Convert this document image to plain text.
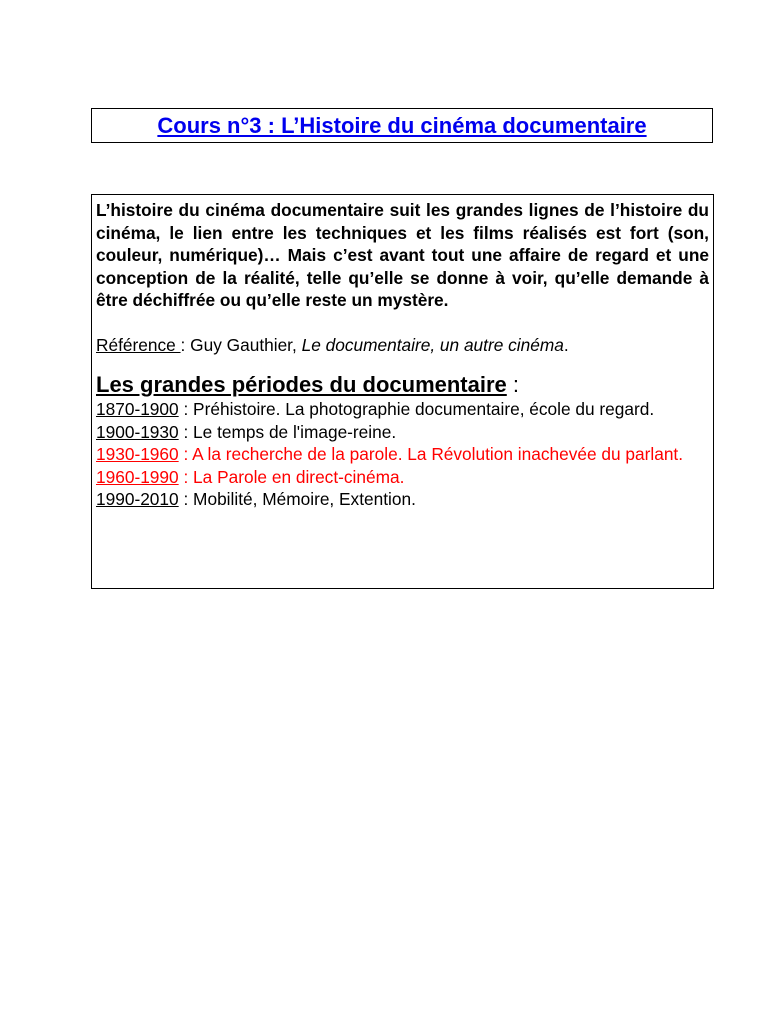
Cours n°3 : L’Histoire du cinéma documentaire

L’histoire du cinéma documentaire suit les grandes lignes de l’histoire du cinéma, le lien entre les techniques et les films réalisés est fort (son, couleur, numérique)… Mais c’est avant tout une affaire de regard et une conception de la réalité, telle qu’elle se donne à voir, qu’elle demande à être déchiffrée ou qu’elle reste un mystère.

Référence : Guy Gauthier, Le documentaire, un autre cinéma.

Les grandes périodes du documentaire :
1870-1900 : Préhistoire. La photographie documentaire, école du regard.
1900-1930 : Le temps de l'image-reine.
1930-1960 : A la recherche de la parole. La Révolution inachevée du parlant.
1960-1990 : La Parole en direct-cinéma.
1990-2010 : Mobilité, Mémoire, Extention.
